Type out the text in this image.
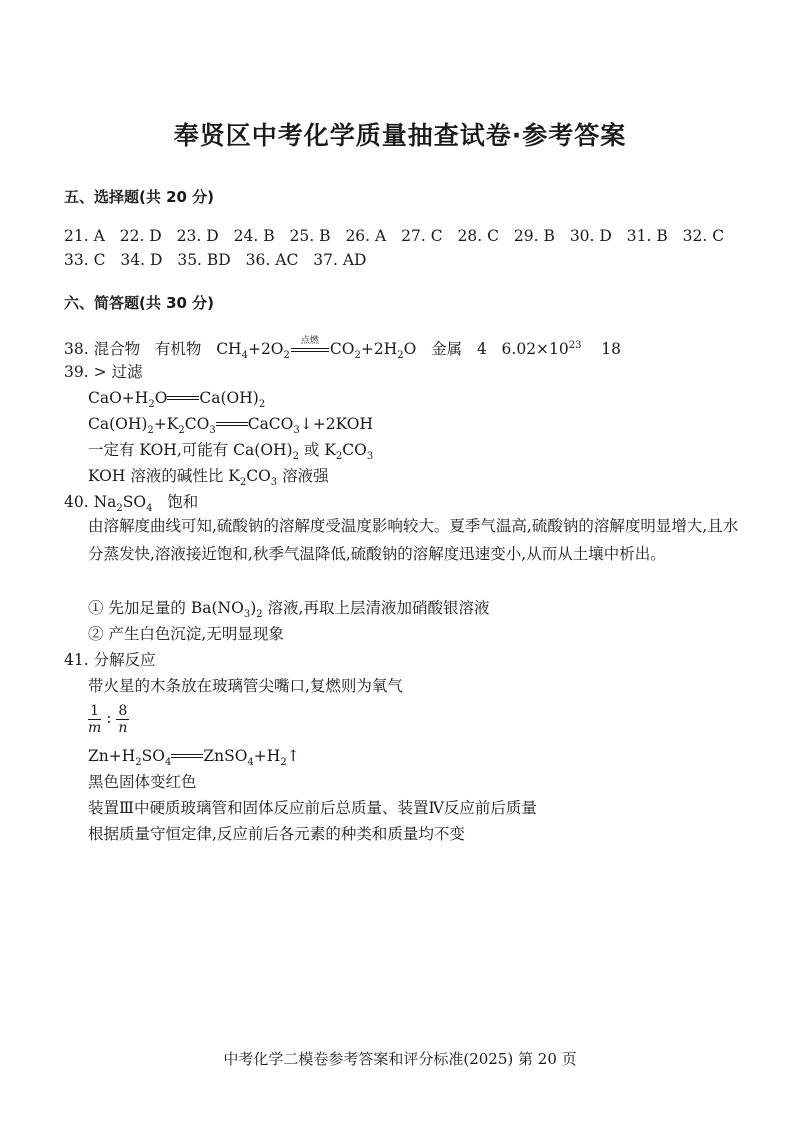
奉贤区中考化学质量抽查试卷·参考答案
五、选择题(共 20 分)
21. A 22. D 23. D 24. B 25. B 26. A 27. C 28. C 29. B 30. D 31. B 32. C
33. C 34. D 35. BD 36. AC 37. AD
六、简答题(共 30 分)
38. 混合物 有机物 $CH_4+2O_2$
点燃 $CO_2+2H_2O$ 金属 4 $6.02\times 10^{23}$ 18
39. > 过滤
$CaO+H_2O$ $Ca(OH)_2$
$Ca(OH)_2+K_2CO_3$ CaCO$_3$↓+2KOH
一定有 KOH,可能有 $Ca(OH)_2$ 或 $K_2CO_3$
KOH 溶液的碱性比 $K_2CO_3$ 溶液强
40. $Na_2SO_4$ 饱和
由溶解度曲线可知,硫酸钠的溶解度受温度影响较大。夏季气温高,硫酸钠的溶解度明显增大,且水分蒸发快,溶液接近饱和,秋季气温降低,硫酸钠的溶解度迅速变小,从而从土壤中析出。
① 先加足量的 $Ba(NO_3)_2$ 溶液,再取上层清液加硝酸银溶液
② 产生白色沉淀,无明显现象
41. 分解反应
带火星的木条放在玻璃管尖嘴口,复燃则为氧气
$\frac{1}{m}$ : $\frac{8}{n}$
$Zn+H_2SO_4$ $ZnSO_4+H_2↑$
黑色固体变红色
装置Ⅲ中硬质玻璃管和固体反应前后总质量、装置Ⅳ反应前后质量
根据质量守恒定律,反应前后各元素的种类和质量均不变
中考化学二模卷参考答案和评分标准(2025) 第 20 页
